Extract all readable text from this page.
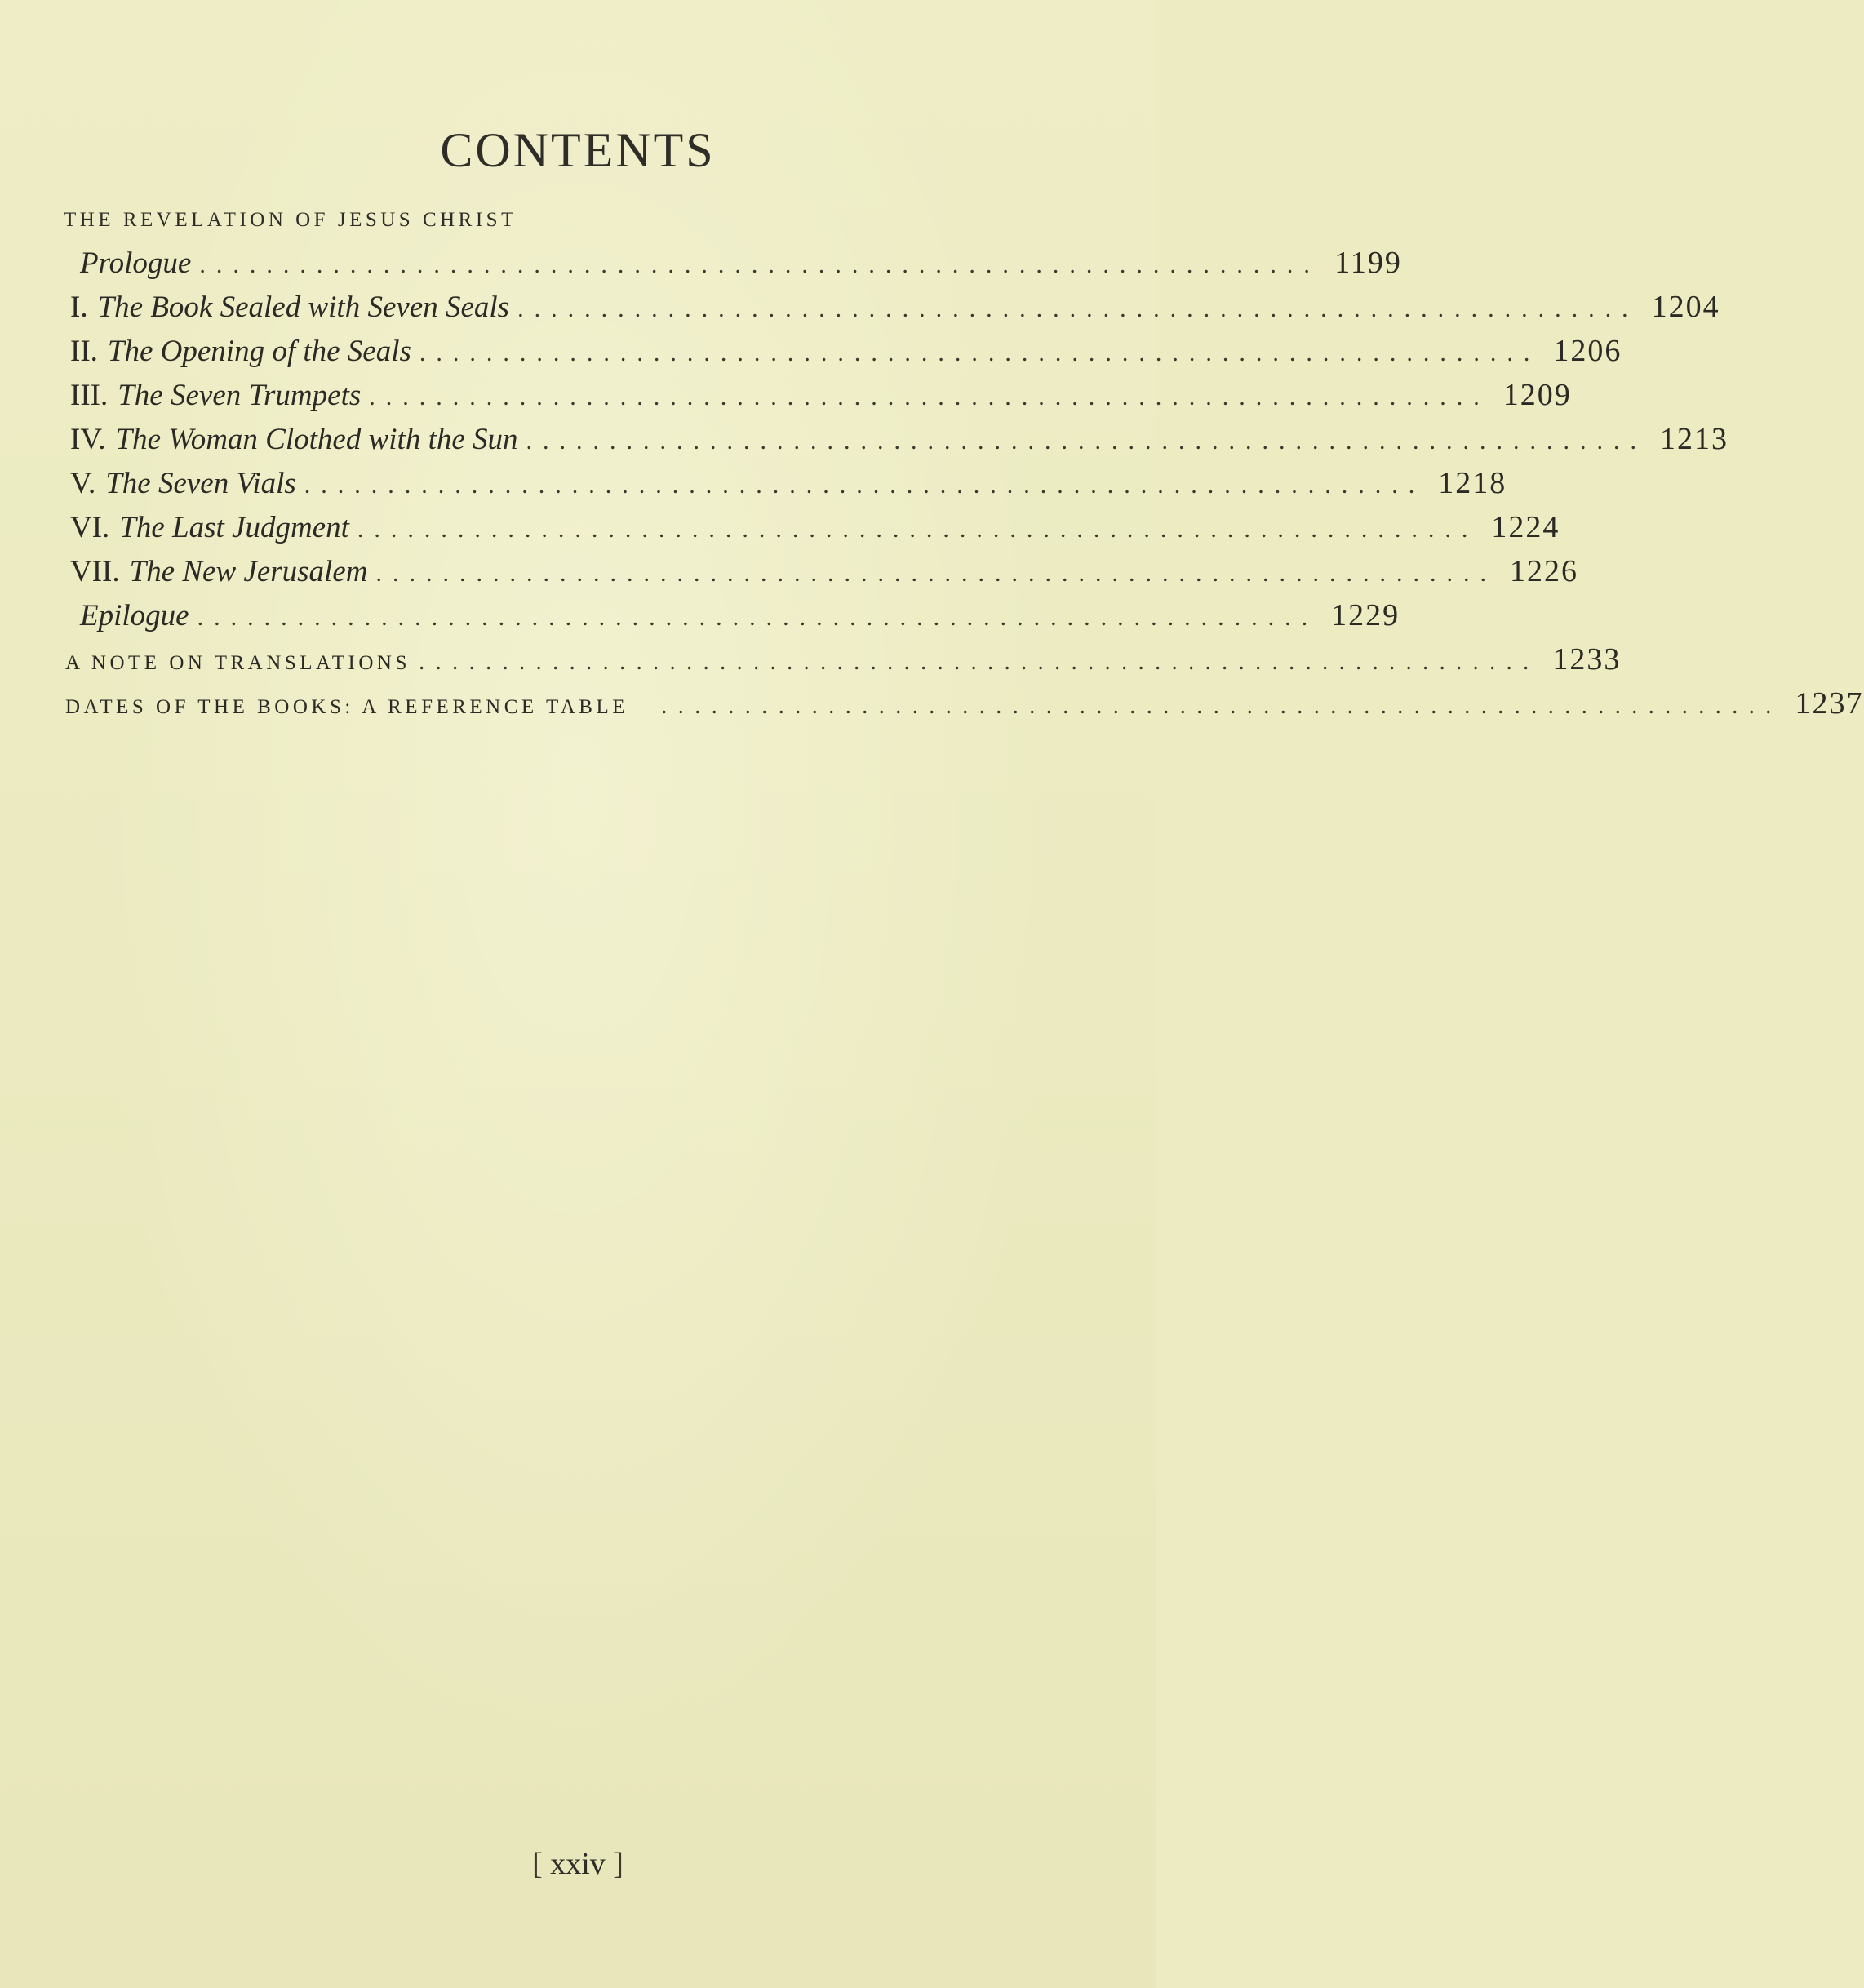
CONTENTS
THE REVELATION OF JESUS CHRIST
Prologue ................................................................... 1199
I. The Book Sealed with Seven Seals ................................................................... 1204
II. The Opening of the Seals ................................................................... 1206
III. The Seven Trumpets ................................................................... 1209
IV. The Woman Clothed with the Sun ................................................................... 1213
V. The Seven Vials ................................................................... 1218
VI. The Last Judgment ................................................................... 1224
VII. The New Jerusalem ................................................................... 1226
Epilogue ................................................................... 1229
A NOTE ON TRANSLATIONS ................................................................... 1233
DATES OF THE BOOKS: A REFERENCE TABLE	................................................................... 1237
[ xxiv ]
